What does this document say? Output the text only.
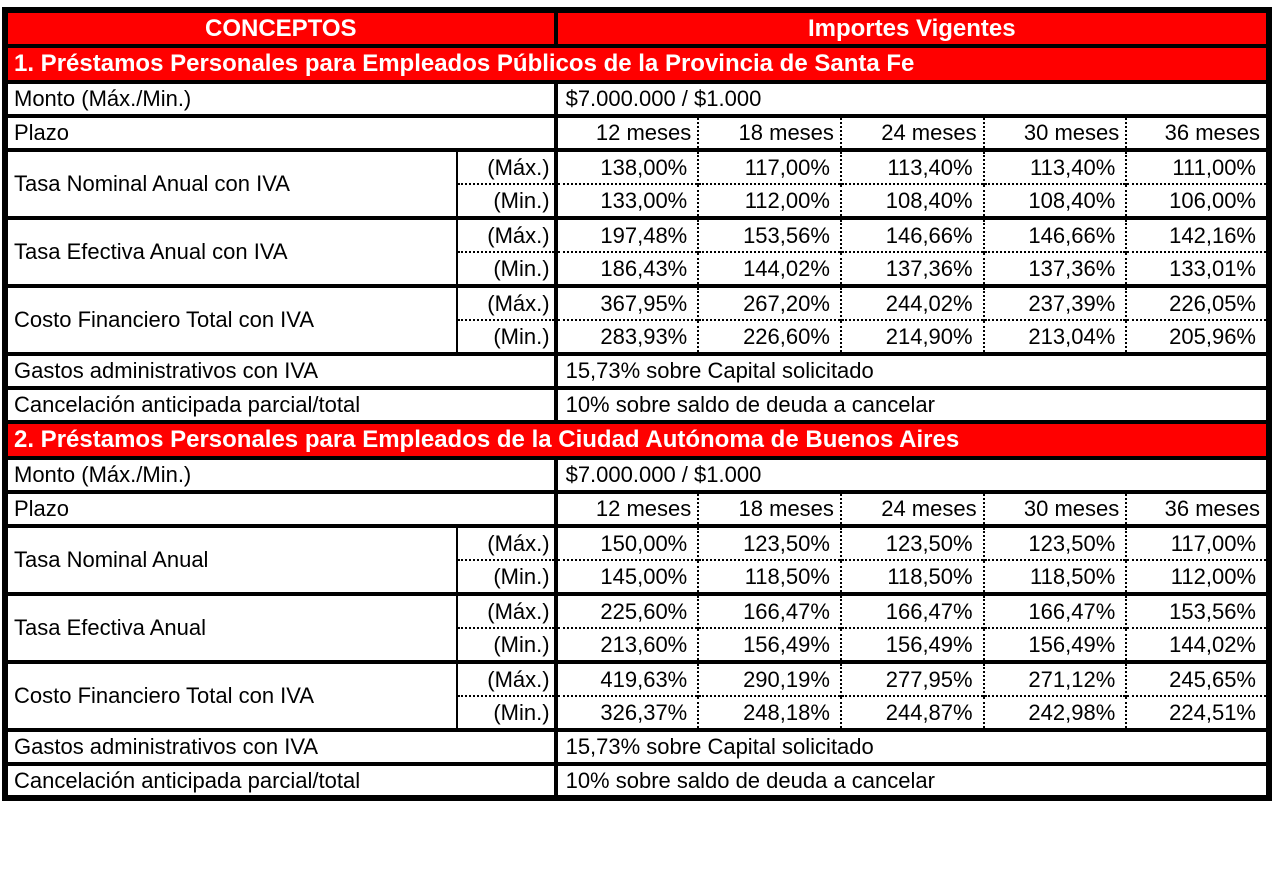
CONCEPTOS		Importes Vigentes				
1. Préstamos Personales para Empleados Públicos de la Provincia de Santa Fe						
Monto (Máx./Min.)		$7.000.000 / $1.000				
Plazo		12 meses	18 meses	24 meses	30 meses	36 meses
Tasa Nominal Anual con IVA	(Máx.)	138,00%	117,00%	113,40%	113,40%	111,00%
	(Min.)	133,00%	112,00%	108,40%	108,40%	106,00%
Tasa Efectiva Anual con IVA	(Máx.)	197,48%	153,56%	146,66%	146,66%	142,16%
	(Min.)	186,43%	144,02%	137,36%	137,36%	133,01%
Costo Financiero Total con IVA	(Máx.)	367,95%	267,20%	244,02%	237,39%	226,05%
	(Min.)	283,93%	226,60%	214,90%	213,04%	205,96%
Gastos administrativos con IVA		15,73% sobre Capital solicitado				
Cancelación anticipada parcial/total		10% sobre saldo de deuda a cancelar				
2. Préstamos Personales para Empleados de la Ciudad Autónoma de Buenos Aires						
Monto (Máx./Min.)		$7.000.000 / $1.000				
Plazo		12 meses	18 meses	24 meses	30 meses	36 meses
Tasa Nominal Anual	(Máx.)	150,00%	123,50%	123,50%	123,50%	117,00%
	(Min.)	145,00%	118,50%	118,50%	118,50%	112,00%
Tasa Efectiva Anual	(Máx.)	225,60%	166,47%	166,47%	166,47%	153,56%
	(Min.)	213,60%	156,49%	156,49%	156,49%	144,02%
Costo Financiero Total con IVA	(Máx.)	419,63%	290,19%	277,95%	271,12%	245,65%
	(Min.)	326,37%	248,18%	244,87%	242,98%	224,51%
Gastos administrativos con IVA		15,73% sobre Capital solicitado				
Cancelación anticipada parcial/total		10% sobre saldo de deuda a cancelar				
